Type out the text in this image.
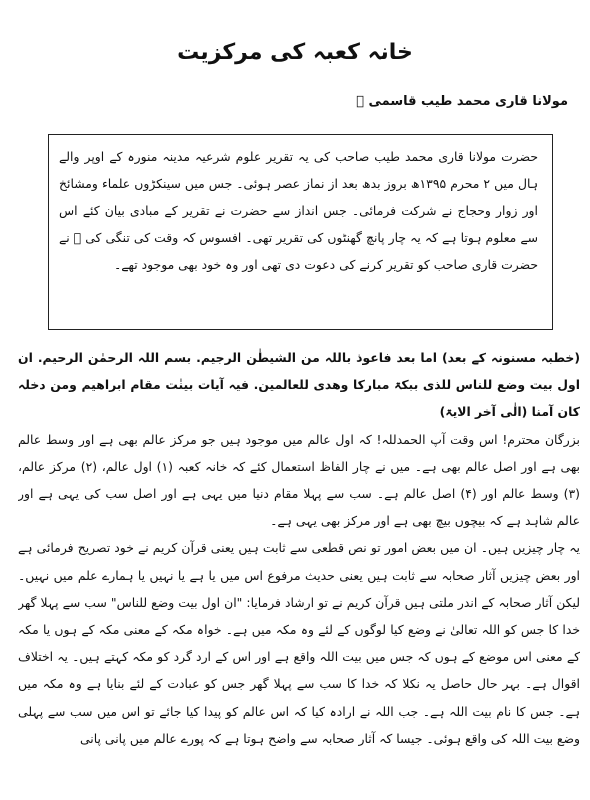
خانہ کعبہ کی مرکزیت
مولانا قاری محمد طیب قاسمی ﷫

حضرت مولانا قاری محمد طیب صاحب کی یہ تقریر علوم شرعیہ مدینہ منورہ کے اوپر والے ہال میں ۲ محرم ۱۳۹۵ھ بروز بدھ بعد از نماز عصر ہوئی۔ جس میں سینکڑوں علماء ومشائخ اور زوار وحجاج نے شرکت فرمائی۔ جس انداز سے حضرت نے تقریر کے مبادی بیان کئے اس سے معلوم ہوتا ہے کہ یہ چار پانچ گھنٹوں کی تقریر تھی۔ افسوس کہ وقت کی تنگی کی ﷫ نے حضرت قاری صاحب کو تقریر کرنے کی دعوت دی تھی اور وہ خود بھی موجود تھے۔

(خطبہ مسنونہ کے بعد) اما بعد فاعوذ باللہ من الشیطٰن الرجیم. بسم اللہ الرحمٰن الرحیم. ان اول بیت وضع للناس للذی ببکۃ مبارکا وھدی للعالمین. فیہ آیات بینٰت مقام ابراھیم ومن دخلہ کان آمنا (الٰی آخر الایۃ)

بزرگان محترم! اس وقت آپ الحمدللہ! کہ اول عالم میں موجود ہیں جو مرکز عالم بھی ہے اور وسط عالم بھی ہے اور اصل عالم بھی ہے۔ میں نے چار الفاظ استعمال کئے کہ خانہ کعبہ (۱) اول عالم، (۲) مرکز عالم، (۳) وسط عالم اور (۴) اصل عالم ہے۔ سب سے پہلا مقام دنیا میں یہی ہے اور اصل سب کی یہی ہے اور عالم شاہد ہے کہ بیچوں بیچ بھی ہے اور مرکز بھی یہی ہے۔

یہ چار چیزیں ہیں۔ ان میں بعض امور تو نص قطعی سے ثابت ہیں یعنی قرآن کریم نے خود تصریح فرمائی ہے اور بعض چیزیں آثار صحابہ سے ثابت ہیں یعنی حدیث مرفوع اس میں یا ہے یا نہیں یا ہمارے علم میں نہیں۔ لیکن آثار صحابہ کے اندر ملتی ہیں قرآن کریم نے تو ارشاد فرمایا: "ان اول بیت وضع للناس" سب سے پہلا گھر خدا کا جس کو اللہ تعالیٰ نے وضع کیا لوگوں کے لئے وہ مکہ میں ہے۔ خواہ مکہ کے معنی مکہ کے ہوں یا مکہ کے معنی اس موضع کے ہوں کہ جس میں بیت اللہ واقع ہے اور اس کے ارد گرد کو مکہ کہتے ہیں۔ یہ اختلاف اقوال ہے۔ بہر حال حاصل یہ نکلا کہ خدا کا سب سے پہلا گھر جس کو عبادت کے لئے بنایا ہے وہ مکہ میں ہے۔ جس کا نام بیت اللہ ہے۔ جب اللہ نے ارادہ کیا کہ اس عالم کو پیدا کیا جائے تو اس میں سب سے پہلی وضع بیت اللہ کی واقع ہوئی۔ جیسا کہ آثار صحابہ سے واضح ہوتا ہے کہ پورے عالم میں پانی پانی
